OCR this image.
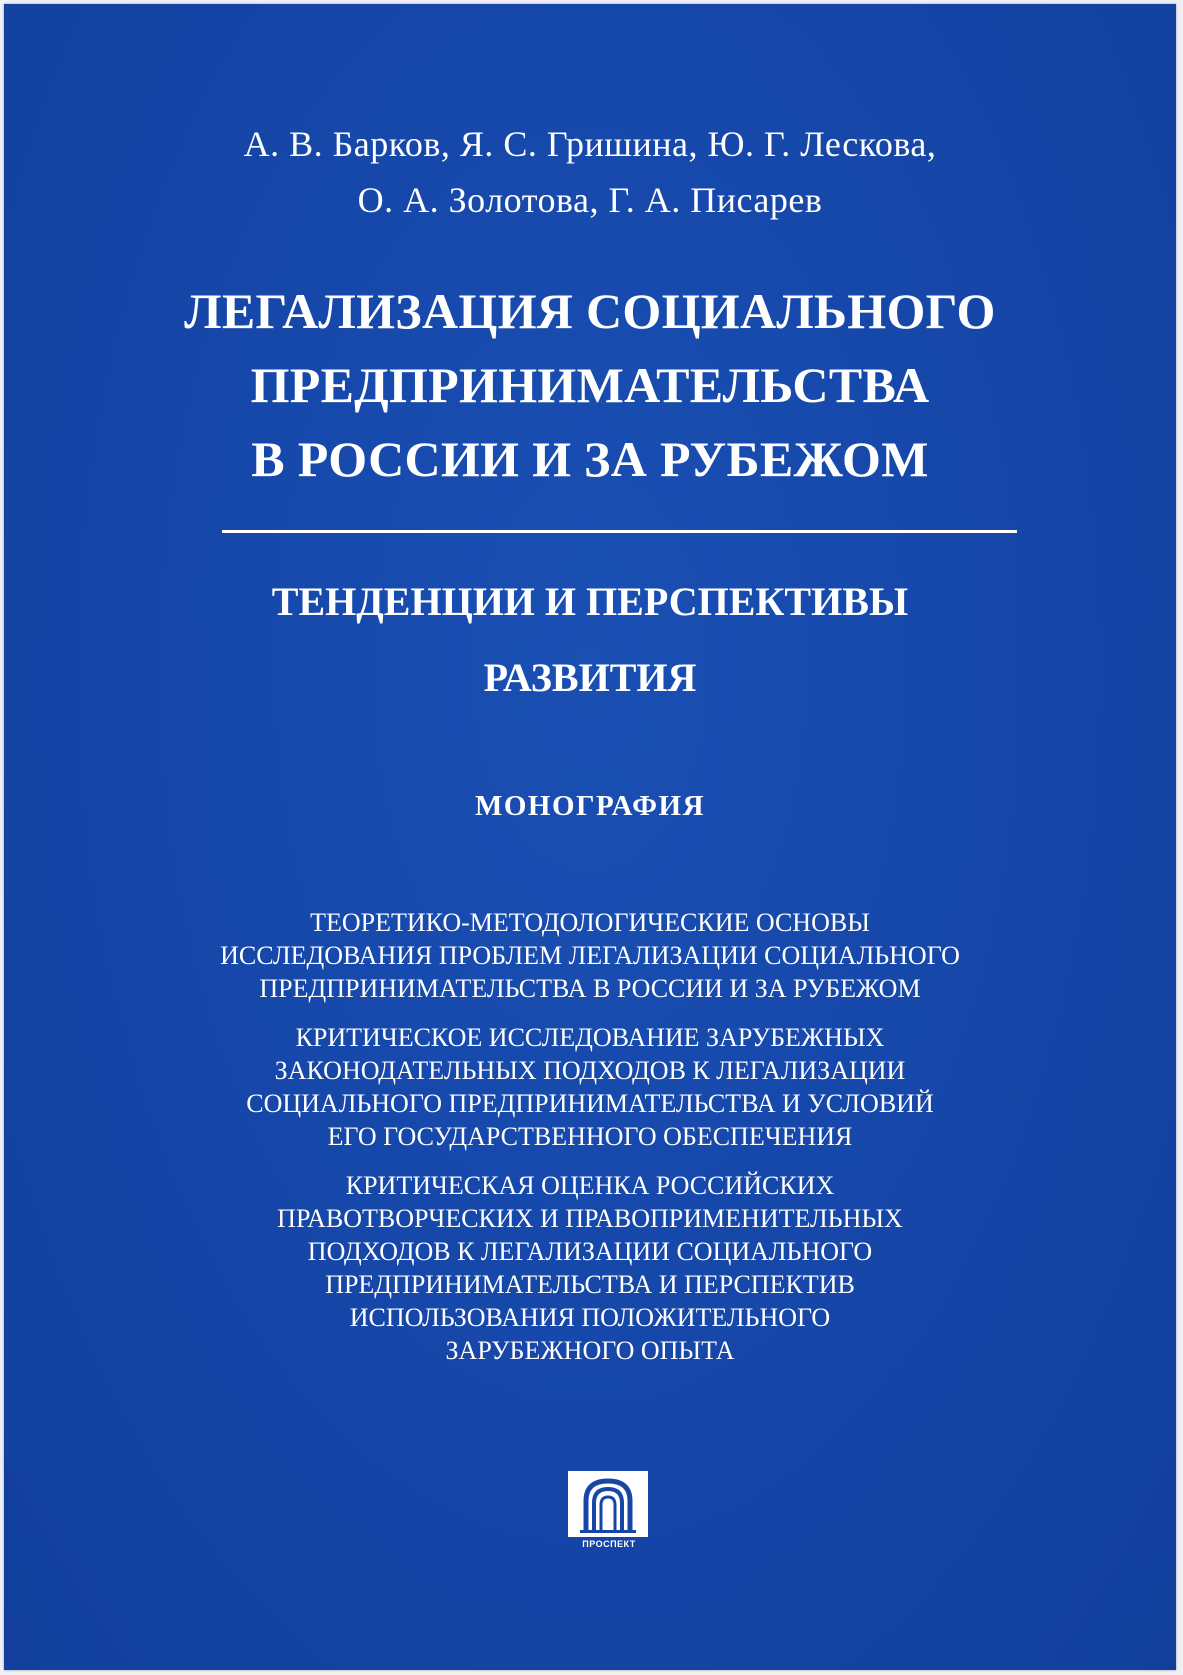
А. В. Барков, Я. С. Гришина, Ю. Г. Лескова,
О. А. Золотова, Г. А. Писарев
ЛЕГАЛИЗАЦИЯ СОЦИАЛЬНОГО
ПРЕДПРИНИМАТЕЛЬСТВА
В РОССИИ И ЗА РУБЕЖОМ
ТЕНДЕНЦИИ И ПЕРСПЕКТИВЫ
РАЗВИТИЯ
МОНОГРАФИЯ
ТЕОРЕТИКО-МЕТОДОЛОГИЧЕСКИЕ ОСНОВЫ
ИССЛЕДОВАНИЯ ПРОБЛЕМ ЛЕГАЛИЗАЦИИ СОЦИАЛЬНОГО
ПРЕДПРИНИМАТЕЛЬСТВА В РОССИИ И ЗА РУБЕЖОМ
КРИТИЧЕСКОЕ ИССЛЕДОВАНИЕ ЗАРУБЕЖНЫХ
ЗАКОНОДАТЕЛЬНЫХ ПОДХОДОВ К ЛЕГАЛИЗАЦИИ
СОЦИАЛЬНОГО ПРЕДПРИНИМАТЕЛЬСТВА И УСЛОВИЙ
ЕГО ГОСУДАРСТВЕННОГО ОБЕСПЕЧЕНИЯ
КРИТИЧЕСКАЯ ОЦЕНКА РОССИЙСКИХ
ПРАВОТВОРЧЕСКИХ И ПРАВОПРИМЕНИТЕЛЬНЫХ
ПОДХОДОВ К ЛЕГАЛИЗАЦИИ СОЦИАЛЬНОГО
ПРЕДПРИНИМАТЕЛЬСТВА И ПЕРСПЕКТИВ
ИСПОЛЬЗОВАНИЯ ПОЛОЖИТЕЛЬНОГО
ЗАРУБЕЖНОГО ОПЫТА
ПРОСПЕКТ
